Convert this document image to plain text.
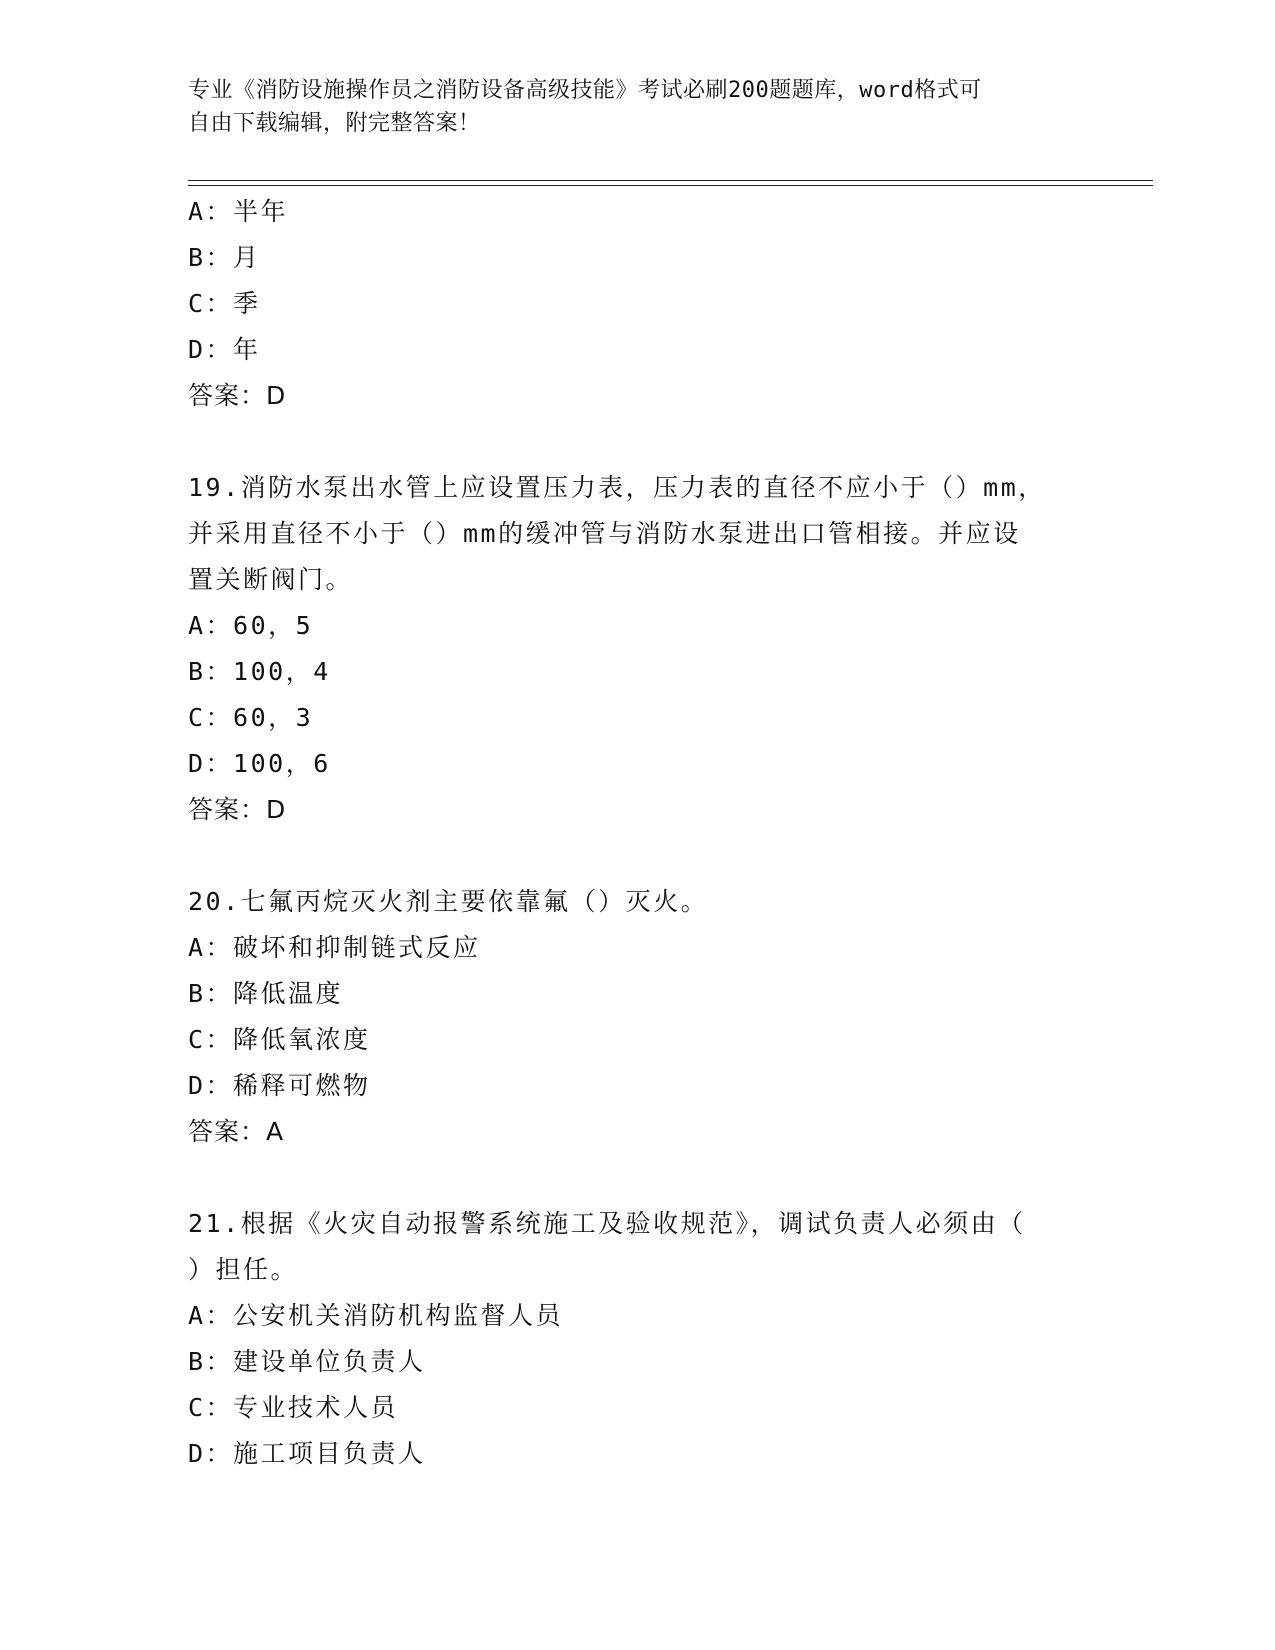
专业《消防设施操作员之消防设备高级技能》考试必刷200题题库，word格式可
自由下载编辑，附完整答案！
A：半年
B：月
C：季
D：年
答案：D
19.消防水泵出水管上应设置压力表，压力表的直径不应小于（）mm，
并采用直径不小于（）mm的缓冲管与消防水泵进出口管相接。并应设
置关断阀门。
A：60，5
B：100，4
C：60，3
D：100，6
答案：D
20.七氟丙烷灭火剂主要依靠氟（）灭火。
A：破坏和抑制链式反应
B：降低温度
C：降低氧浓度
D：稀释可燃物
答案：A
21.根据《火灾自动报警系统施工及验收规范》，调试负责人必须由（
）担任。
A：公安机关消防机构监督人员
B：建设单位负责人
C：专业技术人员
D：施工项目负责人
